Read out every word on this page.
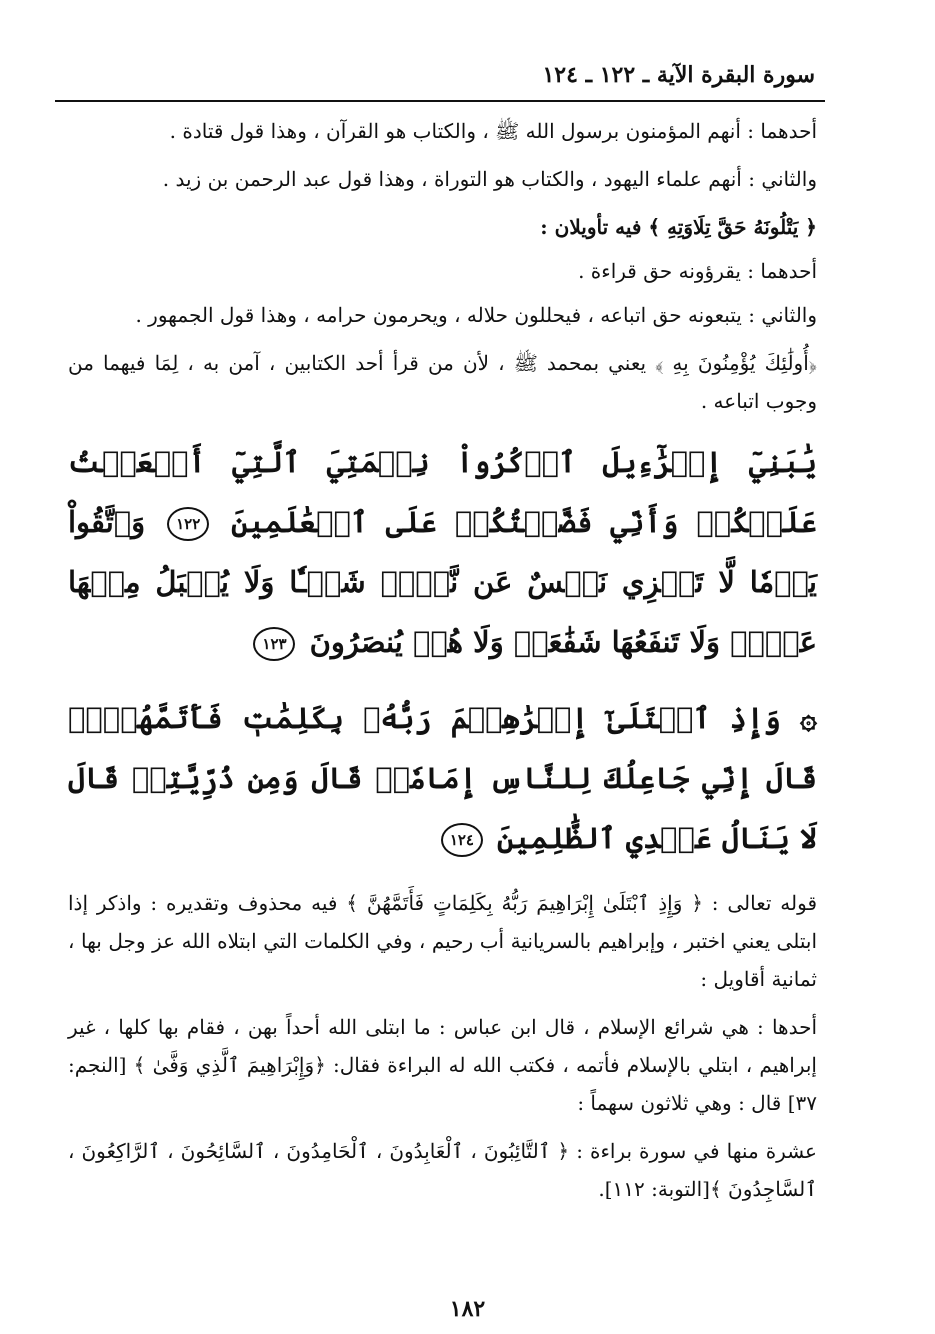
سورة البقرة الآية ـ ١٢٢ ـ ١٢٤

أحدهما : أنهم المؤمنون برسول الله ﷺ ، والكتاب هو القرآن ، وهذا قول قتادة .

والثاني : أنهم علماء اليهود ، والكتاب هو التوراة ، وهذا قول عبد الرحمن بن زيد .

﴿ يَتْلُونَهُ حَقَّ تِلَاوَتِهِ ﴾ فيه تأويلان :

أحدهما : يقرؤونه حق قراءة .

والثاني : يتبعونه حق اتباعه ، فيحللون حلاله ، ويحرمون حرامه ، وهذا قول الجمهور .

﴿أُولَٰئِكَ يُؤْمِنُونَ بِهِ ﴾ يعني بمحمد ﷺ ، لأن من قرأ أحد الكتابين ، آمن به ، لِمَا فيهما من وجوب اتباعه .

يَٰبَنِيٓ إِسۡرَٰٓءِيلَ ٱذۡكُرُواْ نِعۡمَتِيَ ٱلَّتِيٓ أَنۡعَمۡتُ عَلَيۡكُمۡ وَأَنِّي فَضَّلۡتُكُمۡ عَلَى ٱلۡعَٰلَمِينَ ١٢٢ وَٱتَّقُواْ يَوۡمٗا لَّا تَجۡزِي نَفۡسٌ عَن نَّفۡسٖ شَيۡـٔٗا وَلَا يُقۡبَلُ مِنۡهَا عَدۡلٞ وَلَا تَنفَعُهَا شَفَٰعَةٞ وَلَا هُمۡ يُنصَرُونَ ١٢٣
۞ وَإِذِ ٱبۡتَلَىٰٓ إِبۡرَٰهِـۧمَ رَبُّهُۥ بِكَلِمَٰتٖ فَأَتَمَّهُنَّۖ قَالَ إِنِّي جَاعِلُكَ لِلنَّاسِ إِمَامٗاۖ قَالَ وَمِن ذُرِّيَّتِيۖ قَالَ لَا يَنَالُ عَهۡدِي ٱلظَّٰلِمِينَ ١٢٤

قوله تعالى : ﴿ وَإِذِ ٱبْتَلَىٰ إِبْرَاهِيمَ رَبُّهُ بِكَلِمَاتٍ فَأَتَمَّهُنَّ ﴾ فيه محذوف وتقديره : واذكر إذا ابتلى يعني اختبر ، وإبراهيم بالسريانية أب رحيم ، وفي الكلمات التي ابتلاه الله عز وجل بها ، ثمانية أقاويل :

أحدها : هي شرائع الإسلام ، قال ابن عباس : ما ابتلى الله أحداً بهن ، فقام بها كلها ، غير إبراهيم ، ابتلي بالإسلام فأتمه ، فكتب الله له البراءة فقال: ﴿وَإِبْرَاهِيمَ ٱلَّذِي وَفَّىٰ ﴾ [النجم: ٣٧] قال : وهي ثلاثون سهماً :

عشرة منها في سورة براءة : ﴿ ٱلتَّائِبُونَ ، ٱلْعَابِدُونَ ، ٱلْحَامِدُونَ ، ٱلسَّائِحُونَ ، ٱلرَّاكِعُونَ ، ٱلسَّاجِدُونَ ﴾[التوبة: ١١٢].

١٨٢
